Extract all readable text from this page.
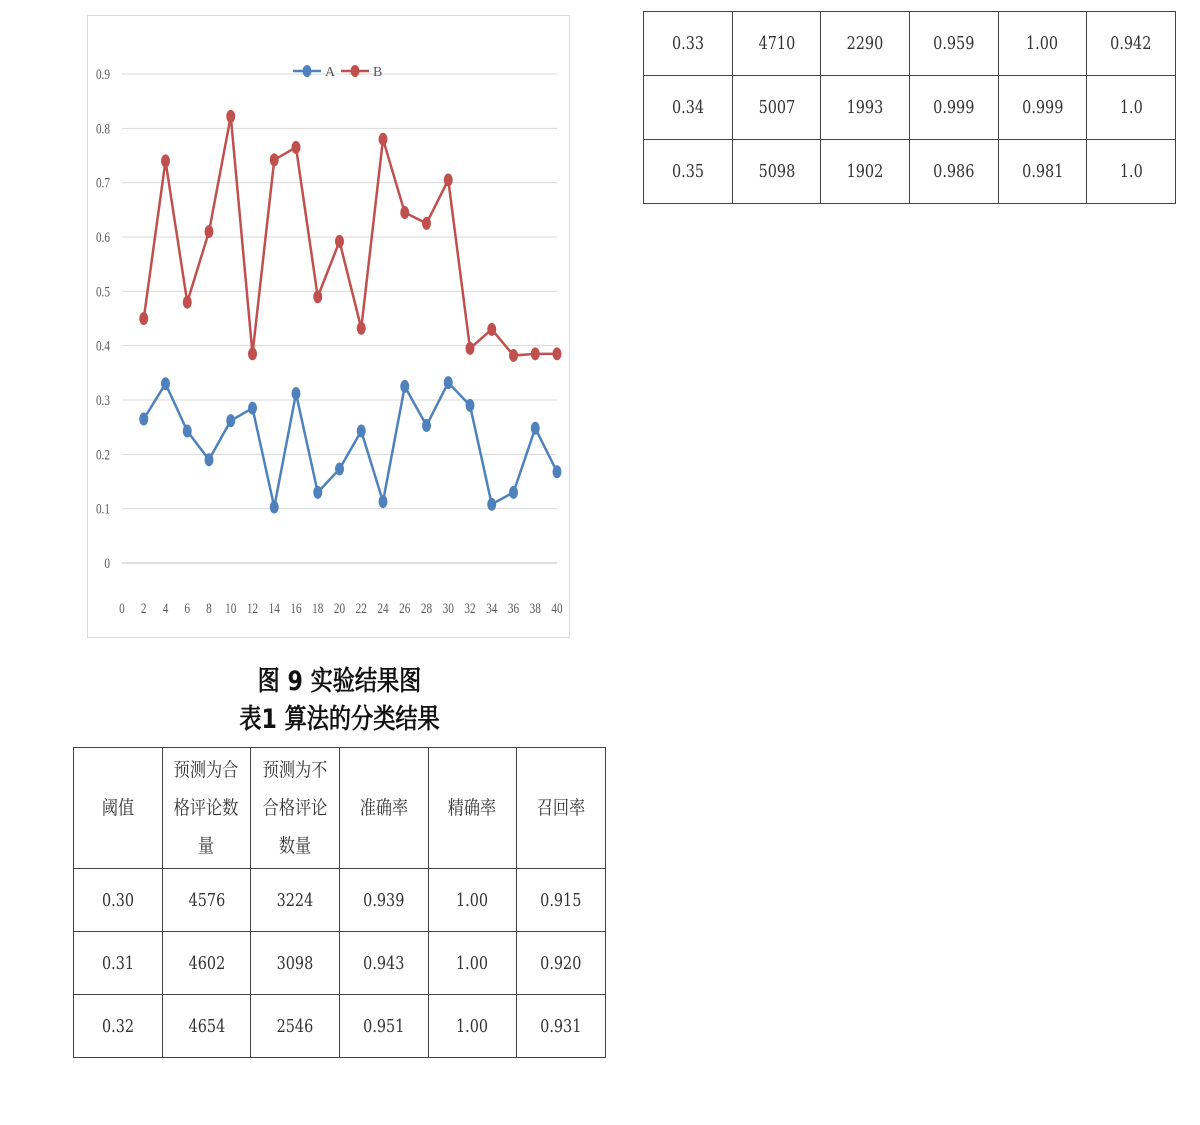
0
0.1
0.2
0.3
0.4
0.5
0.6
0.7
0.8
0.9
0 2 4 6 8 10 12 14 16 18 20 22 24 26 28 30 32 34 36 38 40
A	B
图 9 实验结果图
表1 算法的分类结果
阈值	预测为合格评论数量	预测为不合格评论数量	准确率	精确率	召回率
0.30	4576	3224	0.939	1.00	0.915
0.31	4602	3098	0.943	1.00	0.920
0.32	4654	2546	0.951	1.00	0.931
0.33	4710	2290	0.959	1.00	0.942
0.34	5007	1993	0.999	0.999	1.0
0.35	5098	1902	0.986	0.981	1.0
